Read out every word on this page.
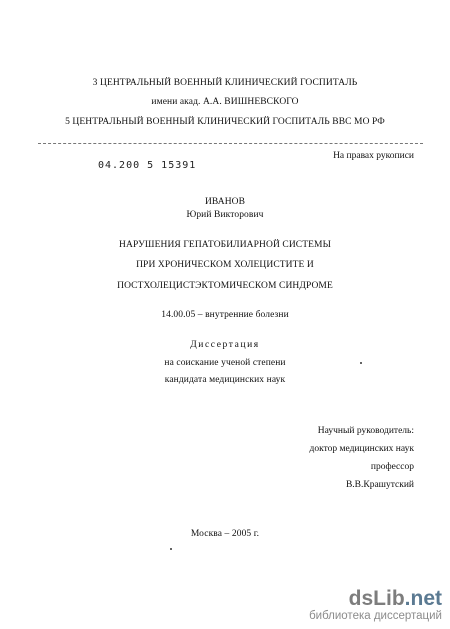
3 ЦЕНТРАЛЬНЫЙ ВОЕННЫЙ КЛИНИЧЕСКИЙ ГОСПИТАЛЬ
имени акад. А.А. ВИШНЕВСКОГО
5 ЦЕНТРАЛЬНЫЙ ВОЕННЫЙ КЛИНИЧЕСКИЙ ГОСПИТАЛЬ ВВС МО РФ
04.200 5 15391
На правах рукописи
ИВАНОВ
Юрий Викторович
НАРУШЕНИЯ ГЕПАТОБИЛИАРНОЙ СИСТЕМЫ
ПРИ ХРОНИЧЕСКОМ ХОЛЕЦИСТИТЕ И
ПОСТХОЛЕЦИСТЭКТОМИЧЕСКОМ СИНДРОМЕ
14.00.05 – внутренние болезни
Диссертация
на соискание ученой степени
кандидата медицинских наук
Научный руководитель:
доктор медицинских наук
профессор
В.В.Крашутский
Москва – 2005 г.
dsLib.net
библиотека диссертаций
